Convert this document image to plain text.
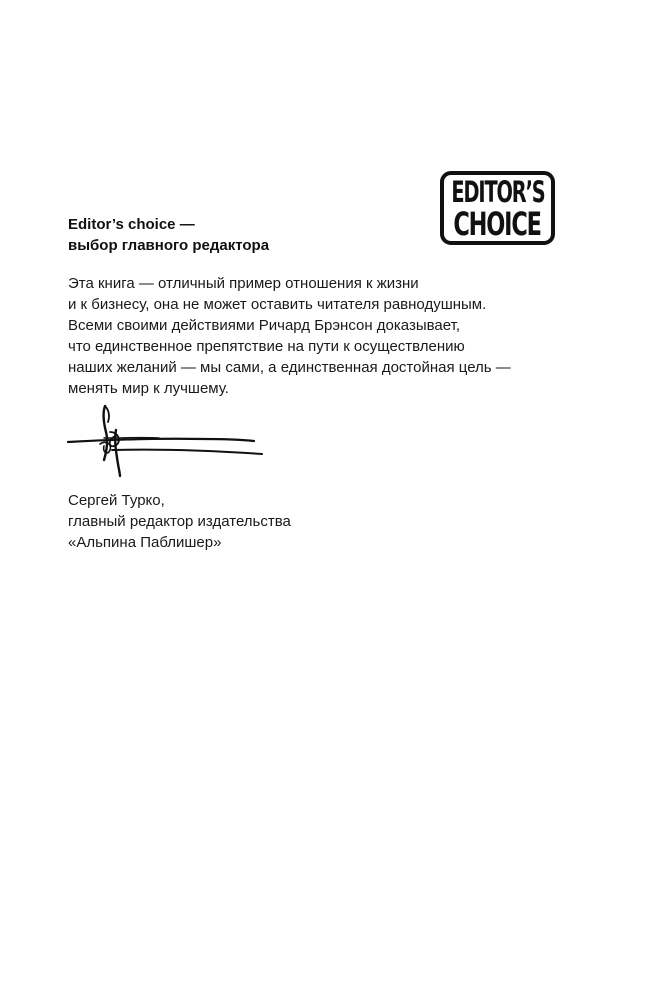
EDITOR’S
CHOICE
Editor’s choice —
выбор главного редактора

Эта книга — отличный пример отношения к жизни
и к бизнесу, она не может оставить читателя равнодушным.
Всеми своими действиями Ричард Брэнсон доказывает,
что единственное препятствие на пути к осуществлению
наших желаний — мы сами, а единственная достойная цель —
менять мир к лучшему.

Сергей Турко,
главный редактор издательства
«Альпина Паблишер»
